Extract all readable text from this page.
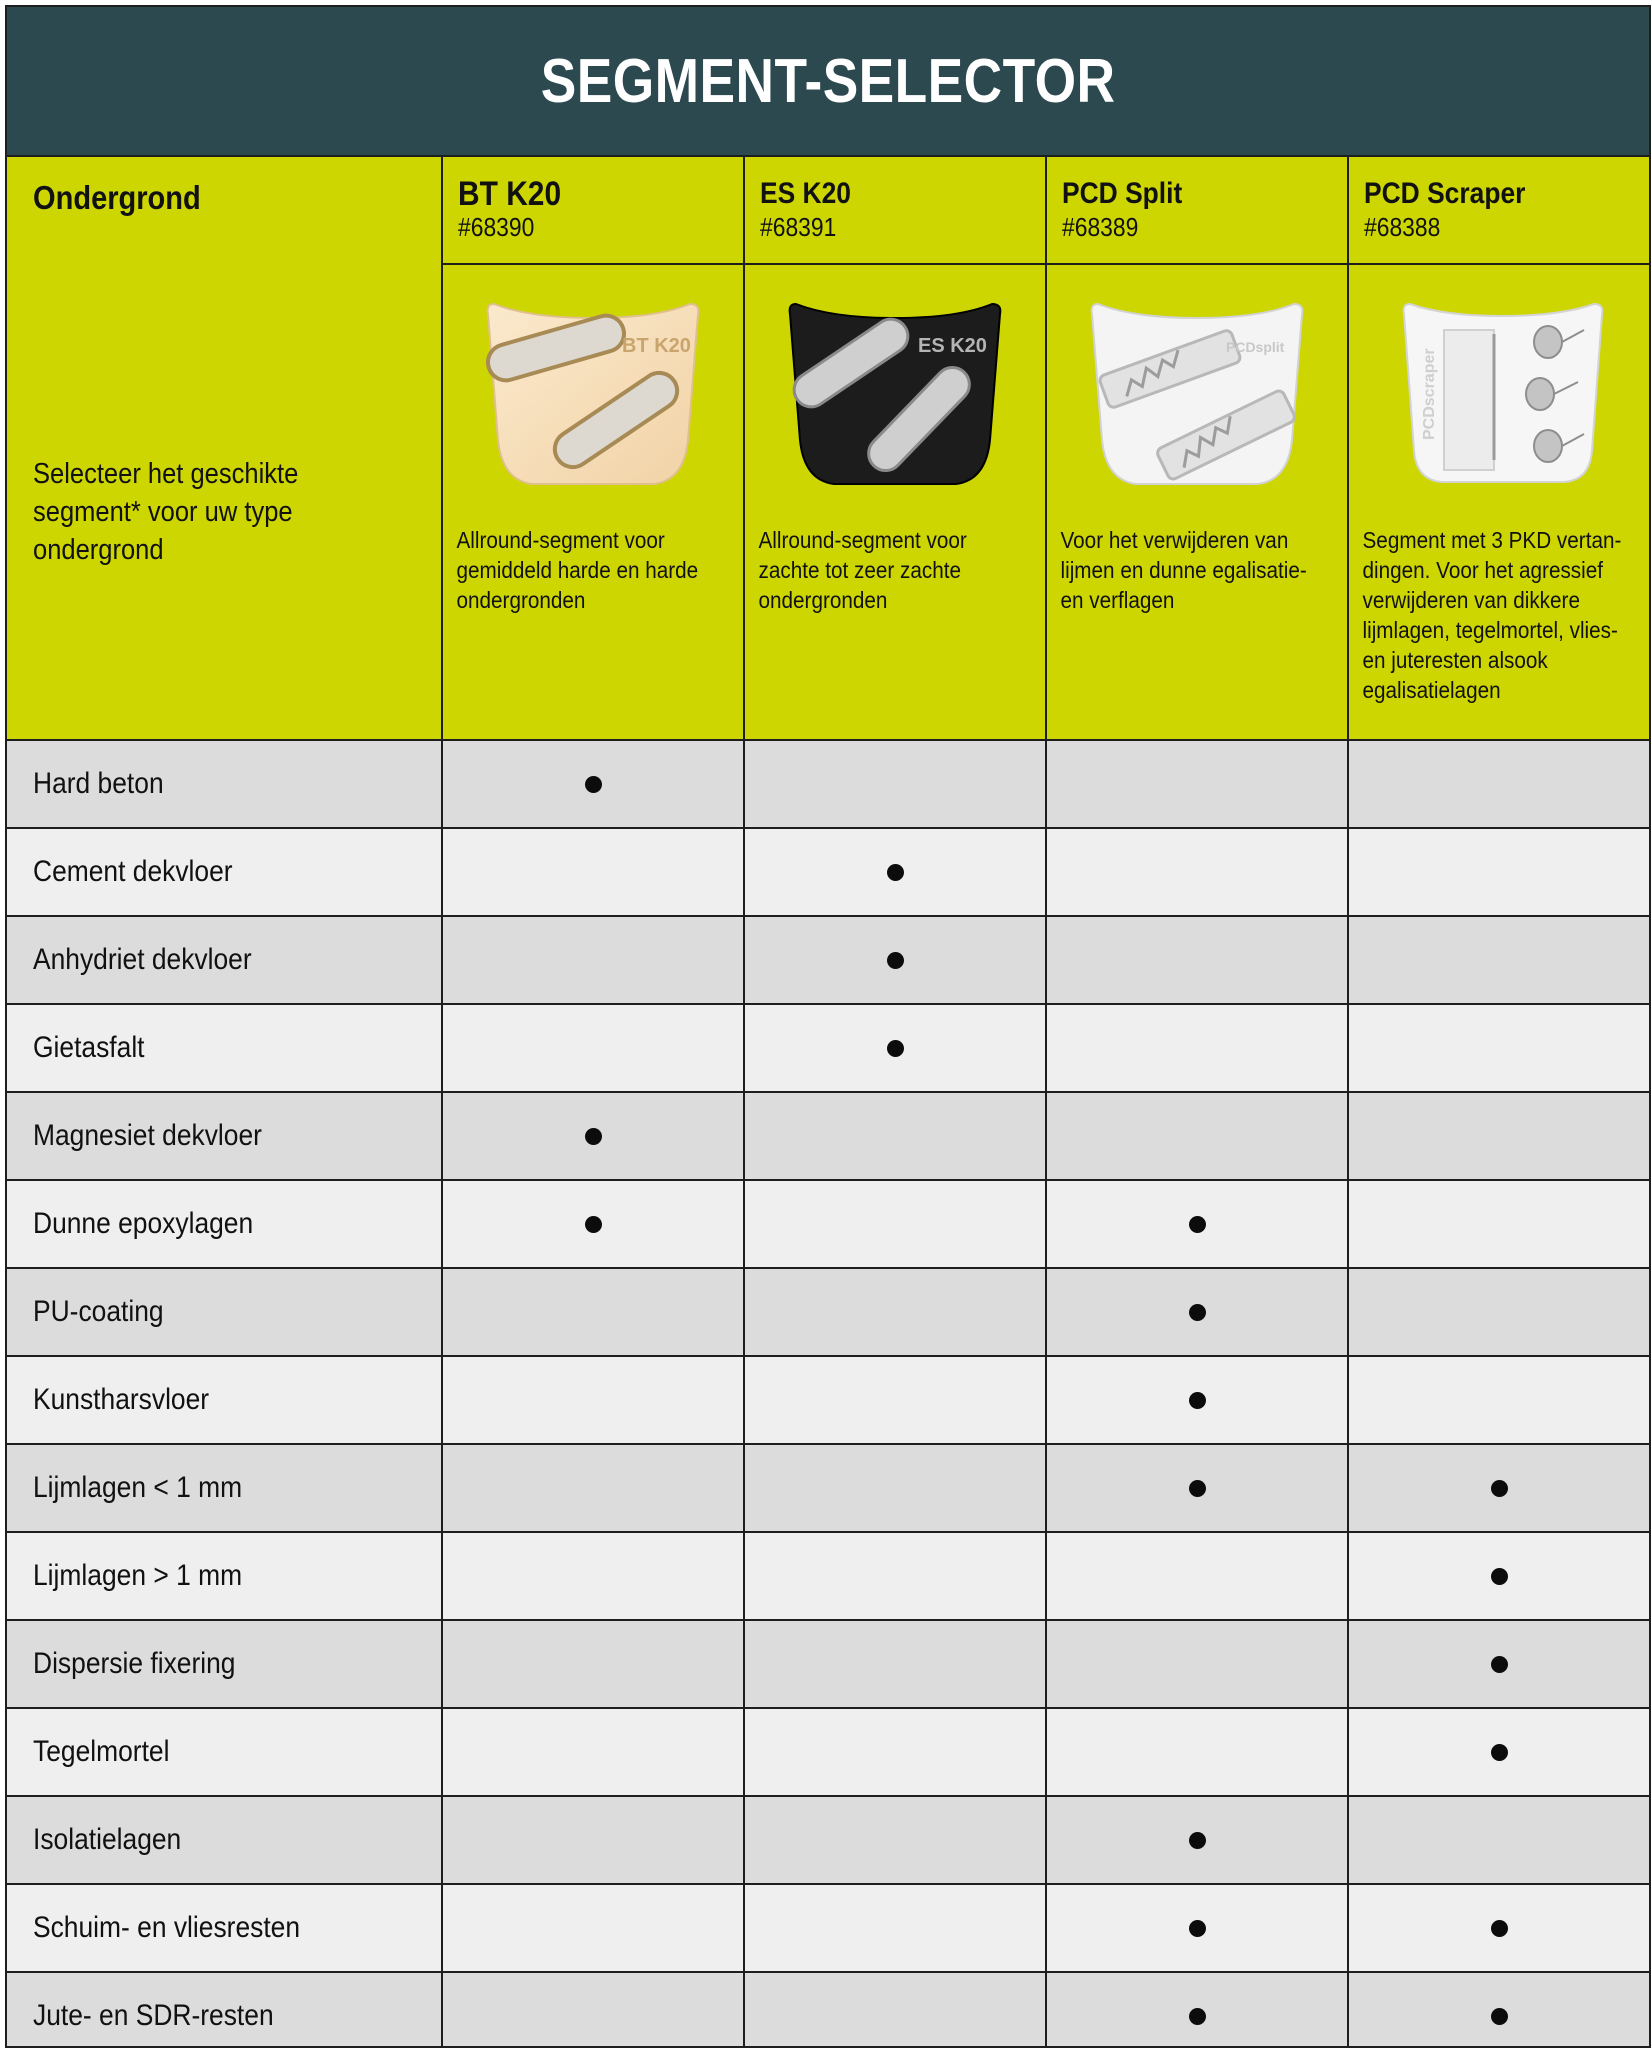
SEGMENT-SELECTOR
Ondergrond
Selecteer het geschikte segment* voor uw type ondergrond
BT K20
#68390
BT K20
Allround-segment voor gemiddeld harde en harde ondergronden
ES K20
#68391
ES K20
Allround-segment voor zachte tot zeer zachte ondergronden
PCD Split
#68389
PCDsplit
Voor het verwijderen van lijmen en dunne egalisatie- en verflagen
PCD Scraper
#68388
PCDscraper
Segment met 3 PKD vertan- dingen. Voor het agressief verwijderen van dikkere lijmlagen, tegelmortel, vlies- en juteresten alsook egalisatielagen
Hard beton
Cement dekvloer
Anhydriet dekvloer
Gietasfalt
Magnesiet dekvloer
Dunne epoxylagen
PU-coating
Kunstharsvloer
Lijmlagen < 1 mm
Lijmlagen > 1 mm
Dispersie fixering
Tegelmortel
Isolatielagen
Schuim- en vliesresten
Jute- en SDR-resten
